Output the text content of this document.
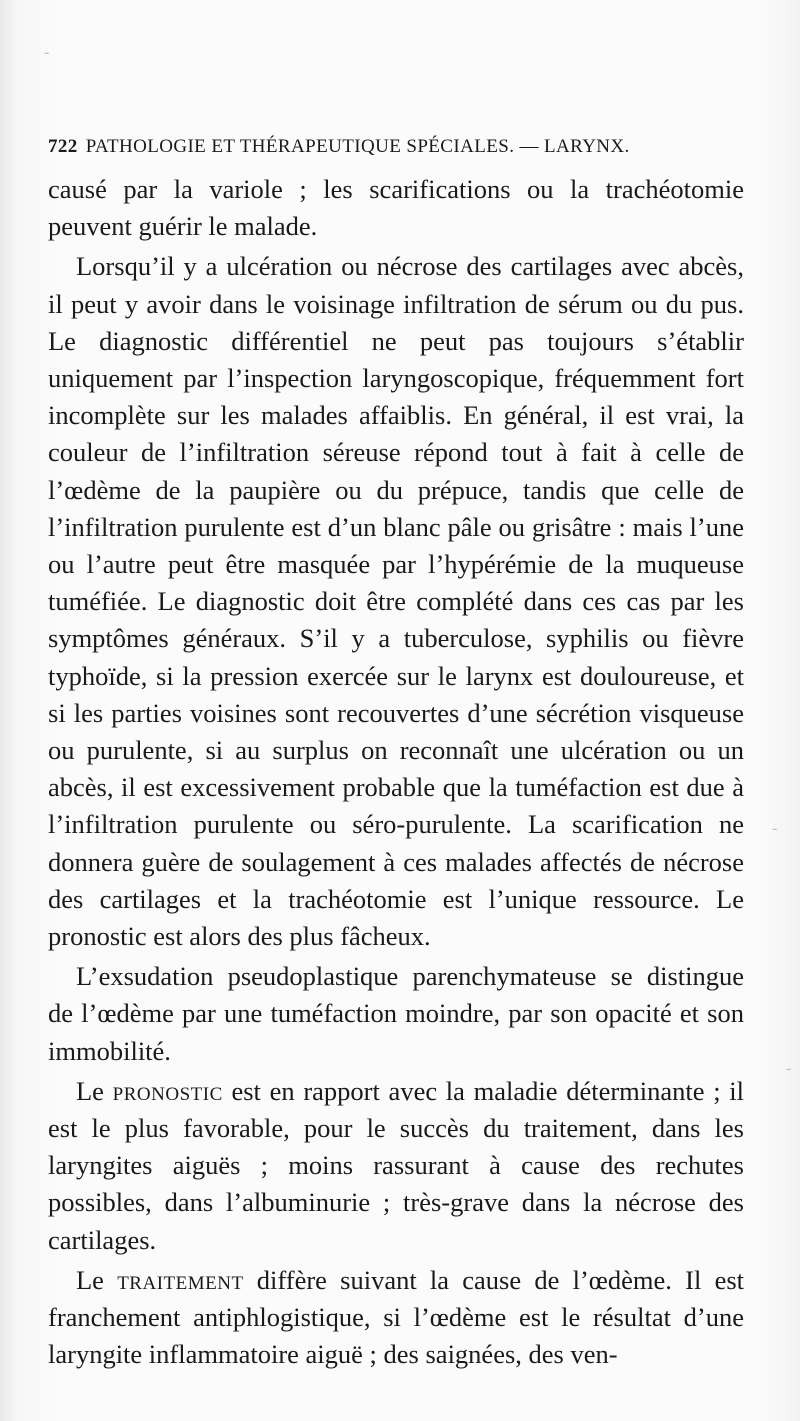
722 PATHOLOGIE ET THÉRAPEUTIQUE SPÉCIALES. — LARYNX.

causé par la variole ; les scarifications ou la trachéotomie peuvent guérir le malade.

Lorsqu’il y a ulcération ou nécrose des cartilages avec abcès, il peut y avoir dans le voisinage infiltration de sérum ou du pus. Le diagnostic différentiel ne peut pas toujours s’établir uniquement par l’inspection laryngoscopique, fréquemment fort incomplète sur les malades affaiblis. En général, il est vrai, la couleur de l’infiltration séreuse répond tout à fait à celle de l’œdème de la paupière ou du prépuce, tandis que celle de l’infiltration purulente est d’un blanc pâle ou grisâtre : mais l’une ou l’autre peut être masquée par l’hypérémie de la muqueuse tuméfiée. Le diagnostic doit être complété dans ces cas par les symptômes généraux. S’il y a tuberculose, syphilis ou fièvre typhoïde, si la pression exercée sur le larynx est douloureuse, et si les parties voisines sont recouvertes d’une sécrétion visqueuse ou purulente, si au surplus on reconnaît une ulcération ou un abcès, il est excessivement probable que la tuméfaction est due à l’infiltration purulente ou séro-purulente. La scarification ne donnera guère de soulagement à ces malades affectés de nécrose des cartilages et la trachéotomie est l’unique ressource. Le pronostic est alors des plus fâcheux.

L’exsudation pseudoplastique parenchymateuse se distingue de l’œdème par une tuméfaction moindre, par son opacité et son immobilité.

Le pronostic est en rapport avec la maladie déterminante ; il est le plus favorable, pour le succès du traitement, dans les laryngites aiguës ; moins rassurant à cause des rechutes possibles, dans l’albuminurie ; très-grave dans la nécrose des cartilages.

Le traitement diffère suivant la cause de l’œdème. Il est franchement antiphlogistique, si l’œdème est le résultat d’une laryngite inflammatoire aiguë ; des saignées, des ven-

-
-
-
